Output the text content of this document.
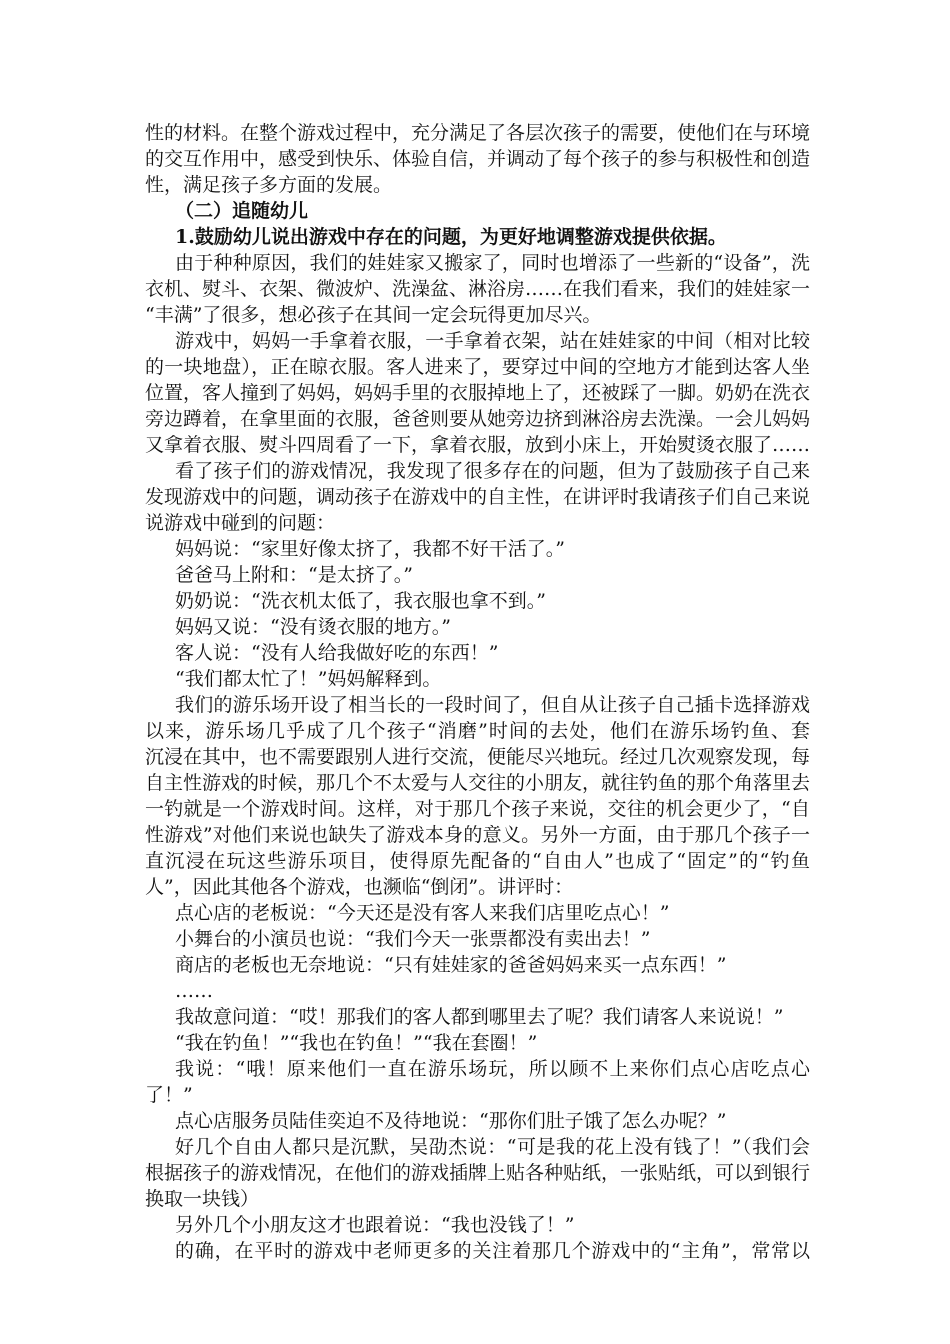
性的材料。在整个游戏过程中，充分满足了各层次孩子的需要，使他们在与环境
的交互作用中，感受到快乐、体验自信，并调动了每个孩子的参与积极性和创造
性，满足孩子多方面的发展。
（二）追随幼儿
1.鼓励幼儿说出游戏中存在的问题，为更好地调整游戏提供依据。
由于种种原因，我们的娃娃家又搬家了，同时也增添了一些新的“设备”，洗
衣机、熨斗、衣架、微波炉、洗澡盆、淋浴房……在我们看来，我们的娃娃家一
“丰满”了很多，想必孩子在其间一定会玩得更加尽兴。
游戏中，妈妈一手拿着衣服，一手拿着衣架，站在娃娃家的中间（相对比较
的一块地盘），正在晾衣服。客人进来了，要穿过中间的空地方才能到达客人坐
位置，客人撞到了妈妈，妈妈手里的衣服掉地上了，还被踩了一脚。奶奶在洗衣
旁边蹲着，在拿里面的衣服，爸爸则要从她旁边挤到淋浴房去洗澡。一会儿妈妈
又拿着衣服、熨斗四周看了一下，拿着衣服，放到小床上，开始熨烫衣服了……
看了孩子们的游戏情况，我发现了很多存在的问题，但为了鼓励孩子自己来
发现游戏中的问题，调动孩子在游戏中的自主性，在讲评时我请孩子们自己来说
说游戏中碰到的问题：
妈妈说：“家里好像太挤了，我都不好干活了。”
爸爸马上附和：“是太挤了。”
奶奶说：“洗衣机太低了，我衣服也拿不到。”
妈妈又说：“没有烫衣服的地方。”
客人说：“没有人给我做好吃的东西！”
“我们都太忙了！”妈妈解释到。
我们的游乐场开设了相当长的一段时间了，但自从让孩子自己插卡选择游戏
以来，游乐场几乎成了几个孩子“消磨”时间的去处，他们在游乐场钓鱼、套
沉浸在其中，也不需要跟别人进行交流，便能尽兴地玩。经过几次观察发现，每
自主性游戏的时候，那几个不太爱与人交往的小朋友，就往钓鱼的那个角落里去
一钓就是一个游戏时间。这样，对于那几个孩子来说，交往的机会更少了，“自
性游戏”对他们来说也缺失了游戏本身的意义。另外一方面，由于那几个孩子一
直沉浸在玩这些游乐项目，使得原先配备的“自由人”也成了“固定”的“钓鱼
人”，因此其他各个游戏，也濒临“倒闭”。讲评时：
点心店的老板说：“今天还是没有客人来我们店里吃点心！”
小舞台的小演员也说：“我们今天一张票都没有卖出去！”
商店的老板也无奈地说：“只有娃娃家的爸爸妈妈来买一点东西！”
……
我故意问道：“哎！那我们的客人都到哪里去了呢？我们请客人来说说！”
“我在钓鱼！”“我也在钓鱼！”“我在套圈！”
我说：“哦！原来他们一直在游乐场玩，所以顾不上来你们点心店吃点心
了！”
点心店服务员陆佳奕迫不及待地说：“那你们肚子饿了怎么办呢？”
好几个自由人都只是沉默，吴劭杰说：“可是我的花上没有钱了！”（我们会
根据孩子的游戏情况，在他们的游戏插牌上贴各种贴纸，一张贴纸，可以到银行
换取一块钱）
另外几个小朋友这才也跟着说：“我也没钱了！”
的确，在平时的游戏中老师更多的关注着那几个游戏中的“主角”，常常以
